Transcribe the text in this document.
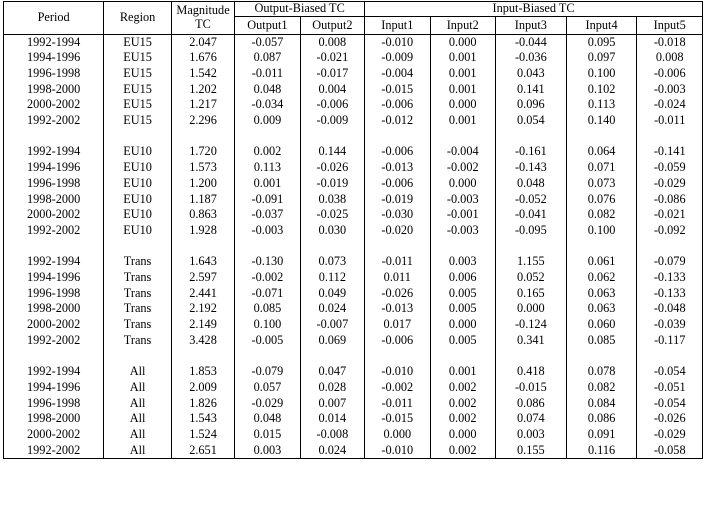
Period	Region	Magnitude TC	Output-Biased TC		Input-Biased TC				
			Output1	Output2	Input1	Input2	Input3	Input4	Input5
1992-1994	EU15	2.047	-0.057	0.008	-0.010	0.000	-0.044	0.095	-0.018
1994-1996	EU15	1.676	0.087	-0.021	-0.009	0.001	-0.036	0.097	0.008
1996-1998	EU15	1.542	-0.011	-0.017	-0.004	0.001	0.043	0.100	-0.006
1998-2000	EU15	1.202	0.048	0.004	-0.015	0.001	0.141	0.102	-0.003
2000-2002	EU15	1.217	-0.034	-0.006	-0.006	0.000	0.096	0.113	-0.024
1992-2002	EU15	2.296	0.009	-0.009	-0.012	0.001	0.054	0.140	-0.011

1992-1994	EU10	1.720	0.002	0.144	-0.006	-0.004	-0.161	0.064	-0.141
1994-1996	EU10	1.573	0.113	-0.026	-0.013	-0.002	-0.143	0.071	-0.059
1996-1998	EU10	1.200	0.001	-0.019	-0.006	0.000	0.048	0.073	-0.029
1998-2000	EU10	1.187	-0.091	0.038	-0.019	-0.003	-0.052	0.076	-0.086
2000-2002	EU10	0.863	-0.037	-0.025	-0.030	-0.001	-0.041	0.082	-0.021
1992-2002	EU10	1.928	-0.003	0.030	-0.020	-0.003	-0.095	0.100	-0.092

1992-1994	Trans	1.643	-0.130	0.073	-0.011	0.003	1.155	0.061	-0.079
1994-1996	Trans	2.597	-0.002	0.112	0.011	0.006	0.052	0.062	-0.133
1996-1998	Trans	2.441	-0.071	0.049	-0.026	0.005	0.165	0.063	-0.133
1998-2000	Trans	2.192	0.085	0.024	-0.013	0.005	0.000	0.063	-0.048
2000-2002	Trans	2.149	0.100	-0.007	0.017	0.000	-0.124	0.060	-0.039
1992-2002	Trans	3.428	-0.005	0.069	-0.006	0.005	0.341	0.085	-0.117

1992-1994	All	1.853	-0.079	0.047	-0.010	0.001	0.418	0.078	-0.054
1994-1996	All	2.009	0.057	0.028	-0.002	0.002	-0.015	0.082	-0.051
1996-1998	All	1.826	-0.029	0.007	-0.011	0.002	0.086	0.084	-0.054
1998-2000	All	1.543	0.048	0.014	-0.015	0.002	0.074	0.086	-0.026
2000-2002	All	1.524	0.015	-0.008	0.000	0.000	0.003	0.091	-0.029
1992-2002	All	2.651	0.003	0.024	-0.010	0.002	0.155	0.116	-0.058
